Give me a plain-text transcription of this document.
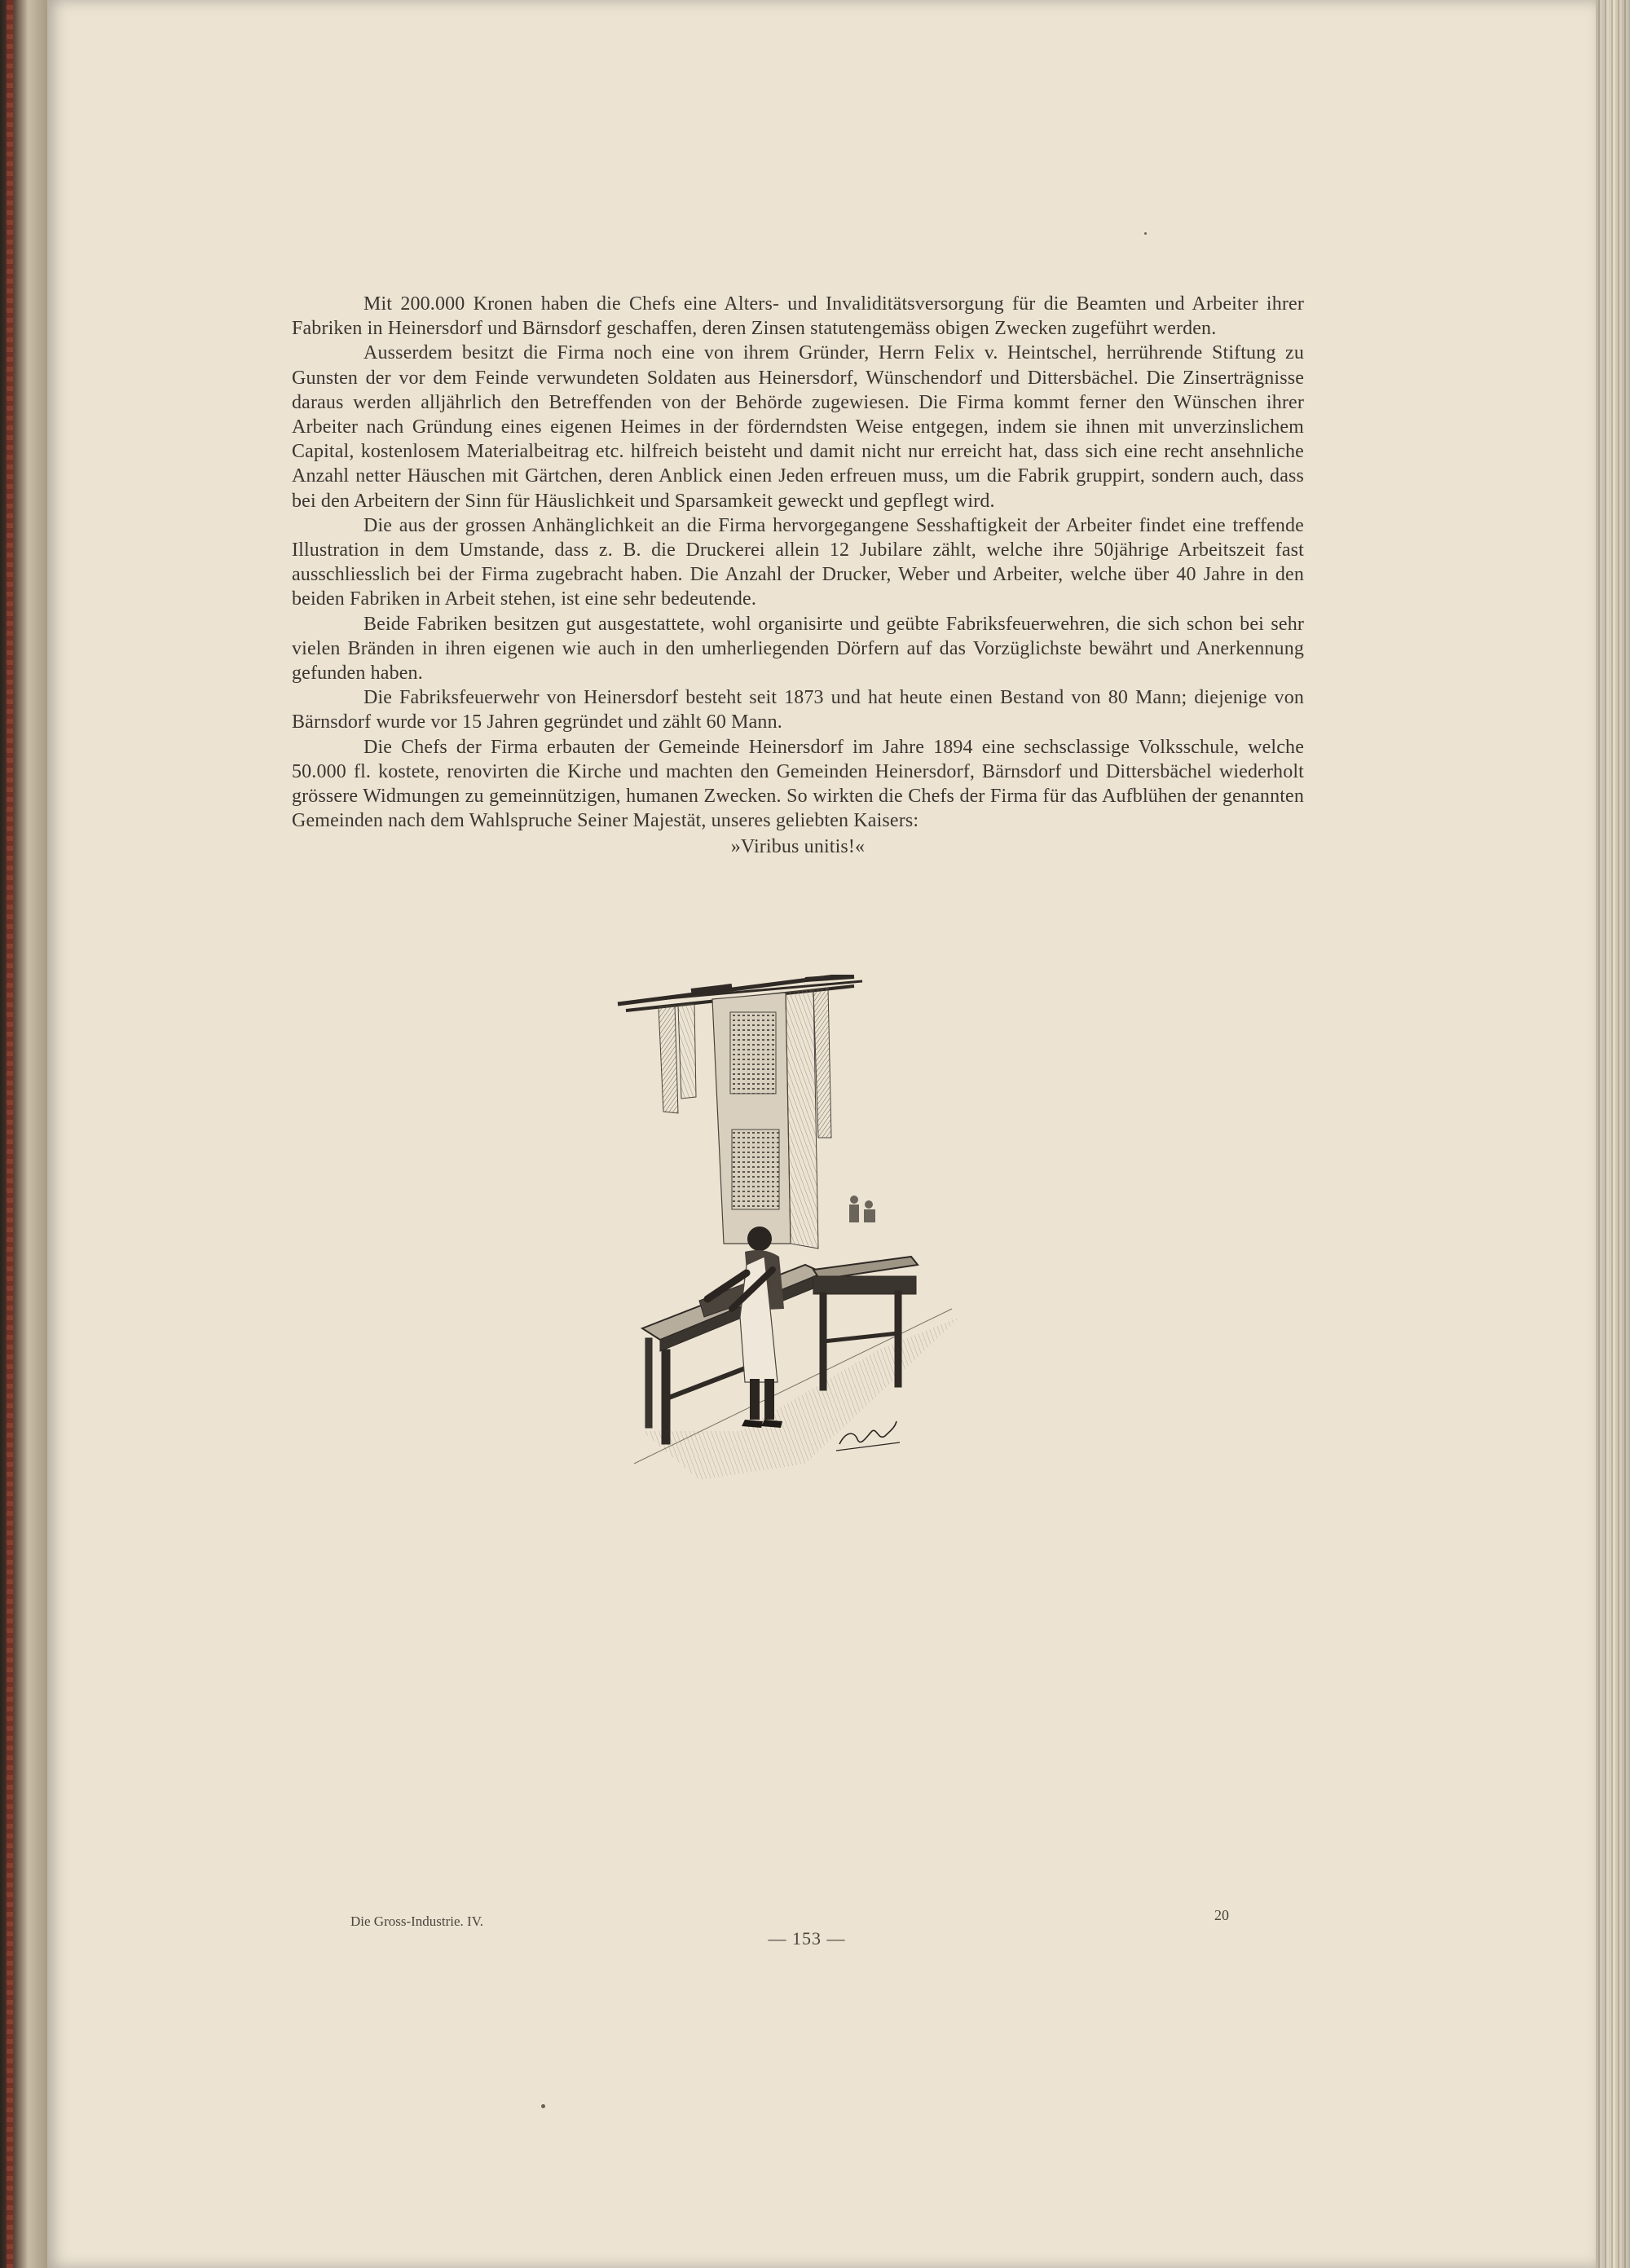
Mit 200.000 Kronen haben die Chefs eine Alters- und Invaliditätsversorgung für die Beamten und Arbeiter ihrer Fabriken in Heinersdorf und Bärnsdorf geschaffen, deren Zinsen statutengemäss obigen Zwecken zugeführt werden.

Ausserdem besitzt die Firma noch eine von ihrem Gründer, Herrn Felix v. Heintschel, herrührende Stiftung zu Gunsten der vor dem Feinde verwundeten Soldaten aus Heinersdorf, Wünschendorf und Dittersbächel. Die Zinserträgnisse daraus werden alljährlich den Betreffenden von der Behörde zugewiesen. Die Firma kommt ferner den Wünschen ihrer Arbeiter nach Gründung eines eigenen Heimes in der förderndsten Weise entgegen, indem sie ihnen mit unverzinslichem Capital, kostenlosem Materialbeitrag etc. hilfreich beisteht und damit nicht nur erreicht hat, dass sich eine recht ansehnliche Anzahl netter Häuschen mit Gärtchen, deren Anblick einen Jeden erfreuen muss, um die Fabrik gruppirt, sondern auch, dass bei den Arbeitern der Sinn für Häuslichkeit und Sparsamkeit geweckt und gepflegt wird.

Die aus der grossen Anhänglichkeit an die Firma hervorgegangene Sesshaftigkeit der Arbeiter findet eine treffende Illustration in dem Umstande, dass z. B. die Druckerei allein 12 Jubilare zählt, welche ihre 50jährige Arbeitszeit fast ausschliesslich bei der Firma zugebracht haben. Die Anzahl der Drucker, Weber und Arbeiter, welche über 40 Jahre in den beiden Fabriken in Arbeit stehen, ist eine sehr bedeutende.

Beide Fabriken besitzen gut ausgestattete, wohl organisirte und geübte Fabriksfeuerwehren, die sich schon bei sehr vielen Bränden in ihren eigenen wie auch in den umherliegenden Dörfern auf das Vorzüglichste bewährt und Anerkennung gefunden haben.

Die Fabriksfeuerwehr von Heinersdorf besteht seit 1873 und hat heute einen Bestand von 80 Mann; diejenige von Bärnsdorf wurde vor 15 Jahren gegründet und zählt 60 Mann.

Die Chefs der Firma erbauten der Gemeinde Heinersdorf im Jahre 1894 eine sechsclassige Volksschule, welche 50.000 fl. kostete, renovirten die Kirche und machten den Gemeinden Heinersdorf, Bärnsdorf und Dittersbächel wiederholt grössere Widmungen zu gemeinnützigen, humanen Zwecken. So wirkten die Chefs der Firma für das Aufblühen der genannten Gemeinden nach dem Wahlspruche Seiner Majestät, unseres geliebten Kaisers:

»Viribus unitis!«

Die Gross-Industrie. IV.
— 153 —
20
